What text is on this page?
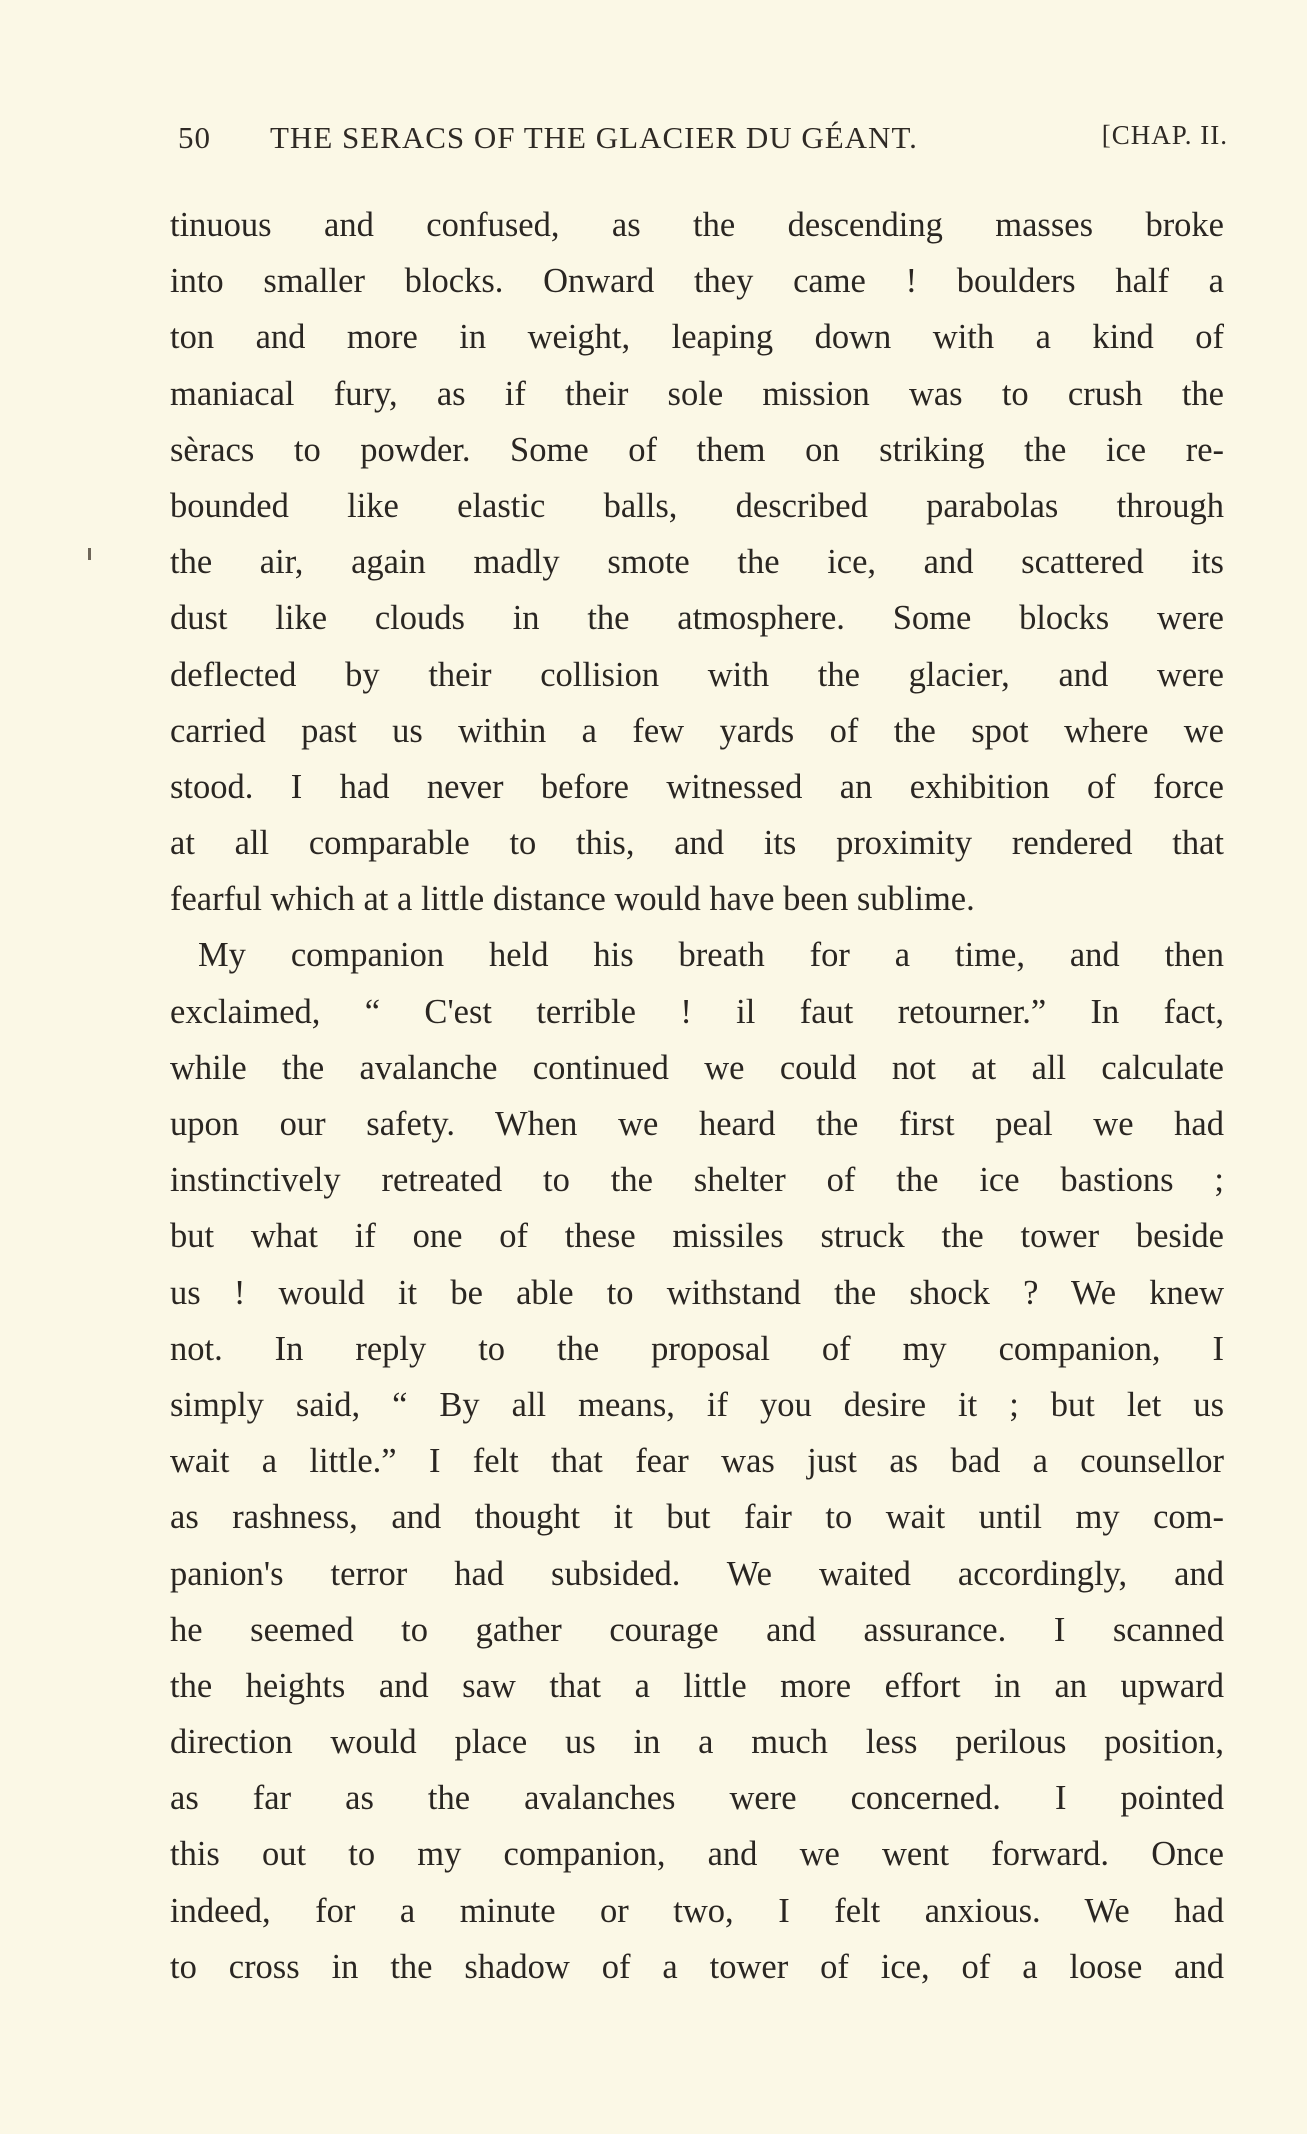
50 THE SERACS OF THE GLACIER DU GÉANT.	[CHAP. II.
tinuous and confused, as the descending masses broke
into smaller blocks. Onward they came ! boulders half a
ton and more in weight, leaping down with a kind of
maniacal fury, as if their sole mission was to crush the
sèracs to powder. Some of them on striking the ice re-
bounded like elastic balls, described parabolas through
the air, again madly smote the ice, and scattered its
dust like clouds in the atmosphere. Some blocks were
deflected by their collision with the glacier, and were
carried past us within a few yards of the spot where we
stood. I had never before witnessed an exhibition of force
at all comparable to this, and its proximity rendered that
fearful which at a little distance would have been sublime.
My companion held his breath for a time, and then
exclaimed, “ C'est terrible ! il faut retourner.” In fact,
while the avalanche continued we could not at all calculate
upon our safety. When we heard the first peal we had
instinctively retreated to the shelter of the ice bastions ;
but what if one of these missiles struck the tower beside
us ! would it be able to withstand the shock ? We knew
not. In reply to the proposal of my companion, I
simply said, “ By all means, if you desire it ; but let us
wait a little.” I felt that fear was just as bad a counsellor
as rashness, and thought it but fair to wait until my com-
panion's terror had subsided. We waited accordingly, and
he seemed to gather courage and assurance. I scanned
the heights and saw that a little more effort in an upward
direction would place us in a much less perilous position,
as far as the avalanches were concerned. I pointed
this out to my companion, and we went forward. Once
indeed, for a minute or two, I felt anxious. We had
to cross in the shadow of a tower of ice, of a loose and
